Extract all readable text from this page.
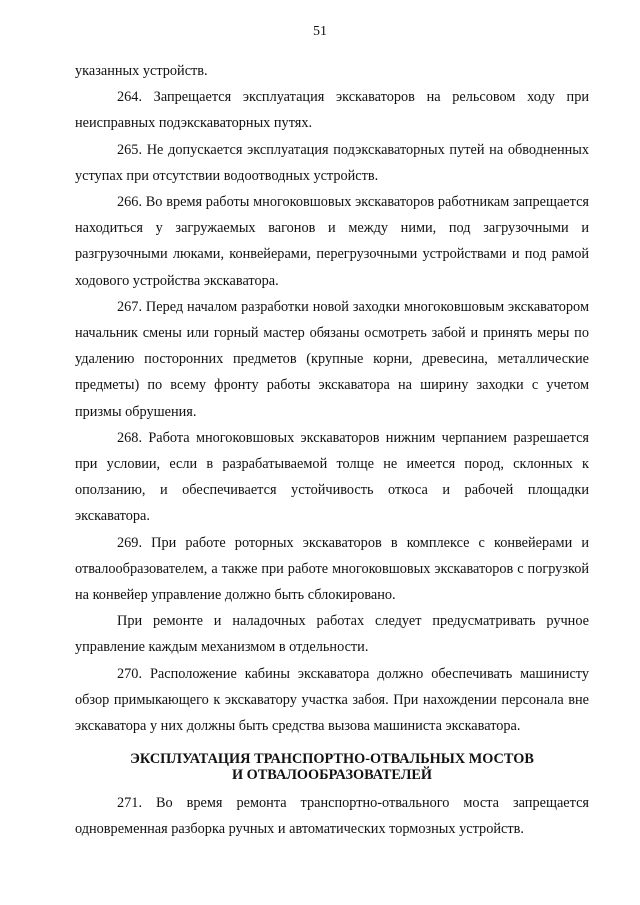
51

указанных устройств.

264. Запрещается эксплуатация экскаваторов на рельсовом ходу при неисправных подэкскаваторных путях.

265. Не допускается эксплуатация подэкскаваторных путей на обводненных уступах при отсутствии водоотводных устройств.

266. Во время работы многоковшовых экскаваторов работникам запрещается находиться у загружаемых вагонов и между ними, под загрузочными и разгрузочными люками, конвейерами, перегрузочными устройствами и под рамой ходового устройства экскаватора.

267. Перед началом разработки новой заходки многоковшовым экскаватором начальник смены или горный мастер обязаны осмотреть забой и принять меры по удалению посторонних предметов (крупные корни, древесина, металлические предметы) по всему фронту работы экскаватора на ширину заходки с учетом призмы обрушения.

268. Работа многоковшовых экскаваторов нижним черпанием разрешается при условии, если в разрабатываемой толще не имеется пород, склонных к оползанию, и обеспечивается устойчивость откоса и рабочей площадки экскаватора.

269. При работе роторных экскаваторов в комплексе с конвейерами и отвалообразователем, а также при работе многоковшовых экскаваторов с погрузкой на конвейер управление должно быть сблокировано.

При ремонте и наладочных работах следует предусматривать ручное управление каждым механизмом в отдельности.

270. Расположение кабины экскаватора должно обеспечивать машинисту обзор примыкающего к экскаватору участка забоя. При нахождении персонала вне экскаватора у них должны быть средства вызова машиниста экскаватора.

ЭКСПЛУАТАЦИЯ ТРАНСПОРТНО-ОТВАЛЬНЫХ МОСТОВ
И ОТВАЛООБРАЗОВАТЕЛЕЙ

271. Во время ремонта транспортно-отвального моста запрещается одновременная разборка ручных и автоматических тормозных устройств.
